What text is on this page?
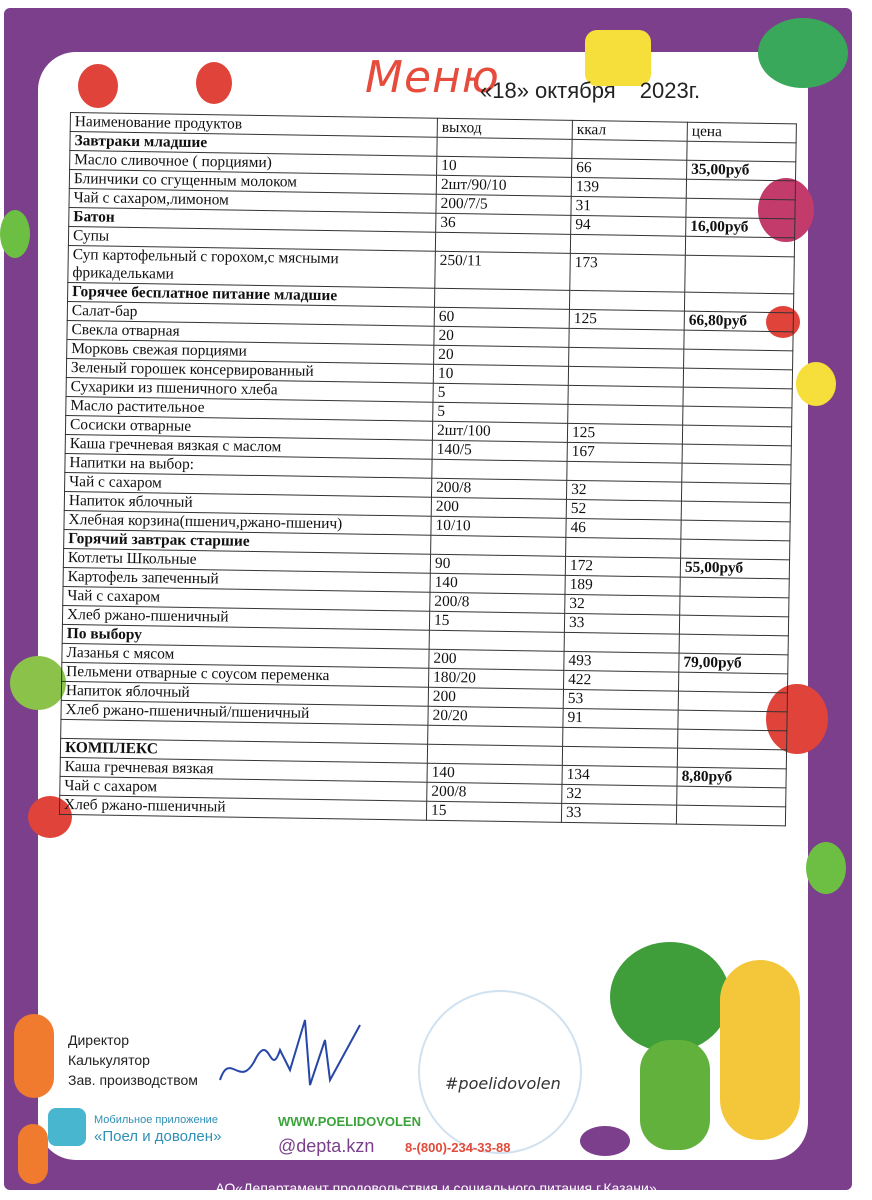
Меню
«18» октября 2023г.
Наименование продуктов	выход	ккал	цена
Завтраки младшие			
Масло сливочное ( порциями)	10	66	35,00руб
Блинчики со сгущенным молоком	2шт/90/10	139	
Чай с сахаром,лимоном	200/7/5	31	
Батон	36	94	16,00руб
Супы			
Суп картофельный с горохом,с мясными фрикадельками	250/11	173	
Горячее бесплатное питание младшие			
Салат-бар	60	125	66,80руб
Свекла отварная	20		
Морковь свежая порциями	20		
Зеленый горошек консервированный	10		
Сухарики из пшеничного хлеба	5		
Масло растительное	5		
Сосиски отварные	2шт/100	125	
Каша гречневая вязкая с маслом	140/5	167	
Напитки на выбор:			
Чай с сахаром	200/8	32	
Напиток яблочный	200	52	
Хлебная корзина(пшенич,ржано-пшенич)	10/10	46	
Горячий завтрак старшие			
Котлеты Школьные	90	172	55,00руб
Картофель запеченный	140	189	
Чай с сахаром	200/8	32	
Хлеб ржано-пшеничный	15	33	
По выбору			
Лазанья с мясом	200	493	79,00руб
Пельмени отварные с соусом переменка	180/20	422	
Напиток яблочный	200	53	
Хлеб ржано-пшеничный/пшеничный	20/20	91	

КОМПЛЕКС			
Каша гречневая вязкая	140	134	8,80руб
Чай с сахаром	200/8	32	
Хлеб ржано-пшеничный	15	33	
Директор
Калькулятор
Зав. производством	#poelidovolen
Мобильное приложение
«Поел и доволен»
WWW.POELIDOVOLEN
@depta.kzn 8-(800)-234-33-88
АО«Департамент продовольствия и социального питания г.Казани»
